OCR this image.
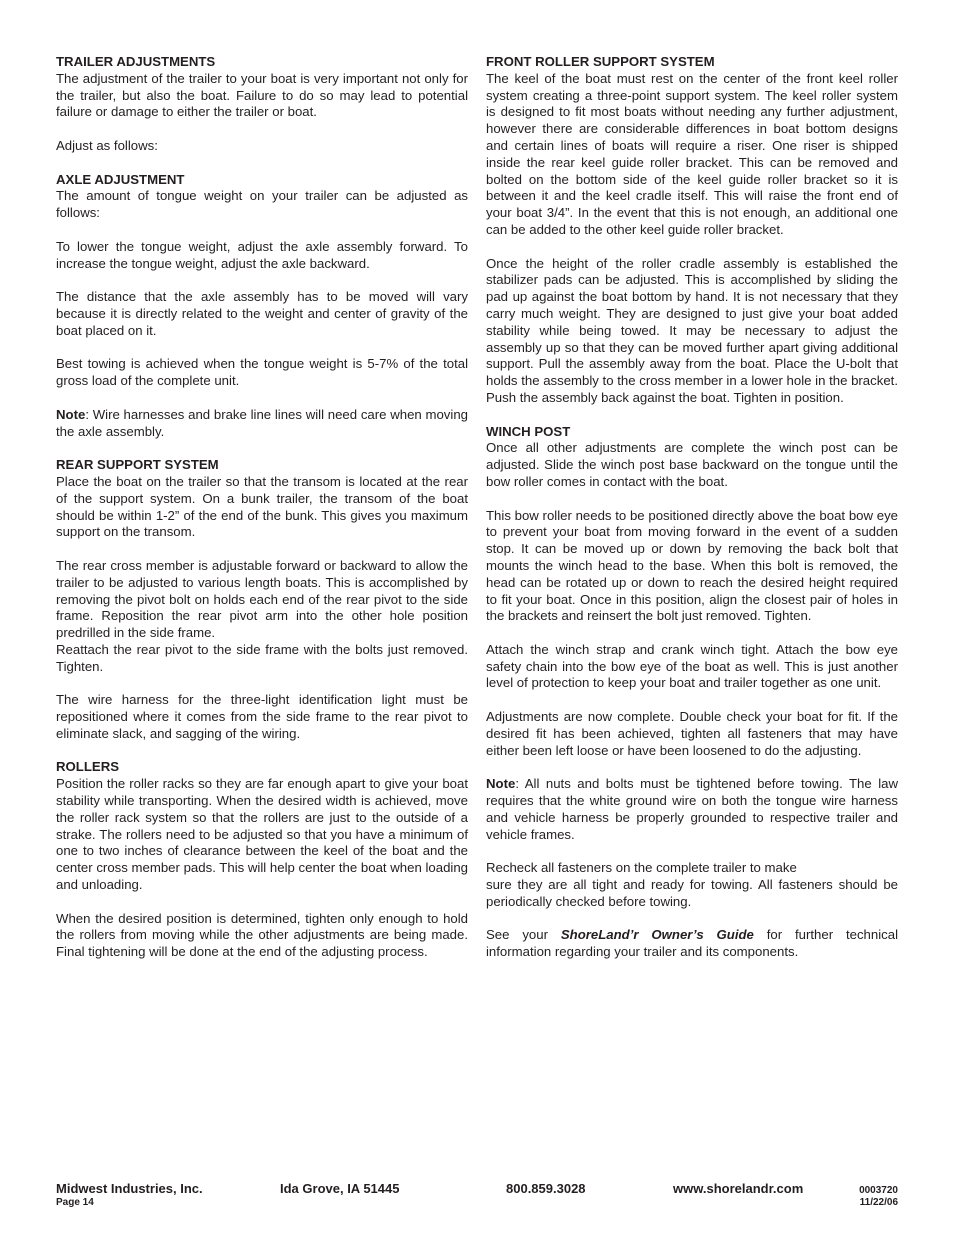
TRAILER ADJUSTMENTS

The adjustment of the trailer to your boat is very important not only for the trailer, but also the boat. Failure to do so may lead to potential failure or damage to either the trailer or boat.

Adjust as follows:

AXLE ADJUSTMENT

The amount of tongue weight on your trailer can be adjusted as follows:

To lower the tongue weight, adjust the axle assembly forward. To increase the tongue weight, adjust the axle backward.

The distance that the axle assembly has to be moved will vary because it is directly related to the weight and center of gravity of the boat placed on it.

Best towing is achieved when the tongue weight is 5-7% of the total gross load of the complete unit.

Note: Wire harnesses and brake line lines will need care when moving the axle assembly.

REAR SUPPORT SYSTEM

Place the boat on the trailer so that the transom is located at the rear of the support system. On a bunk trailer, the transom of the boat should be within 1-2” of the end of the bunk. This gives you maximum support on the transom.

The rear cross member is adjustable forward or backward to allow the trailer to be adjusted to various length boats. This is accomplished by removing the pivot bolt on holds each end of the rear pivot to the side frame. Reposition the rear pivot arm into the other hole position predrilled in the side frame.

Reattach the rear pivot to the side frame with the bolts just removed. Tighten.

The wire harness for the three-light identification light must be repositioned where it comes from the side frame to the rear pivot to eliminate slack, and sagging of the wiring.

ROLLERS

Position the roller racks so they are far enough apart to give your boat stability while transporting. When the desired width is achieved, move the roller rack system so that the rollers are just to the outside of a strake. The rollers need to be adjusted so that you have a minimum of one to two inches of clearance between the keel of the boat and the center cross member pads. This will help center the boat when loading and unloading.

When the desired position is determined, tighten only enough to hold the rollers from moving while the other adjustments are being made. Final tightening will be done at the end of the adjusting process.

FRONT ROLLER SUPPORT SYSTEM

The keel of the boat must rest on the center of the front keel roller system creating a three-point support system. The keel roller system is designed to fit most boats without needing any further adjustment, however there are considerable differences in boat bottom designs and certain lines of boats will require a riser. One riser is shipped inside the rear keel guide roller bracket. This can be removed and bolted on the bottom side of the keel guide roller bracket so it is between it and the keel cradle itself. This will raise the front end of your boat 3/4”. In the event that this is not enough, an additional one can be added to the other keel guide roller bracket.

Once the height of the roller cradle assembly is established the stabilizer pads can be adjusted. This is accomplished by sliding the pad up against the boat bottom by hand. It is not necessary that they carry much weight. They are designed to just give your boat added stability while being towed. It may be necessary to adjust the assembly up so that they can be moved further apart giving additional support. Pull the assembly away from the boat. Place the U-bolt that holds the assembly to the cross member in a lower hole in the bracket. Push the assembly back against the boat. Tighten in position.

WINCH POST

Once all other adjustments are complete the winch post can be adjusted. Slide the winch post base backward on the tongue until the bow roller comes in contact with the boat.

This bow roller needs to be positioned directly above the boat bow eye to prevent your boat from moving forward in the event of a sudden stop. It can be moved up or down by removing the back bolt that mounts the winch head to the base. When this bolt is removed, the head can be rotated up or down to reach the desired height required to fit your boat. Once in this position, align the closest pair of holes in the brackets and reinsert the bolt just removed. Tighten.

Attach the winch strap and crank winch tight. Attach the bow eye safety chain into the bow eye of the boat as well. This is just another level of protection to keep your boat and trailer together as one unit.

Adjustments are now complete. Double check your boat for fit. If the desired fit has been achieved, tighten all fasteners that may have either been left loose or have been loosened to do the adjusting.

Note: All nuts and bolts must be tightened before towing. The law requires that the white ground wire on both the tongue wire harness and vehicle harness be properly grounded to respective trailer and vehicle frames.

Recheck all fasteners on the complete trailer to make

sure they are all tight and ready for towing. All fasteners should be periodically checked before towing.

See your ShoreLand’r Owner’s Guide for further technical information regarding your trailer and its components.

Midwest Industries, Inc.
Page 14
Ida Grove, IA 51445	800.859.3028	www.shorelandr.com	0003720
11/22/06
